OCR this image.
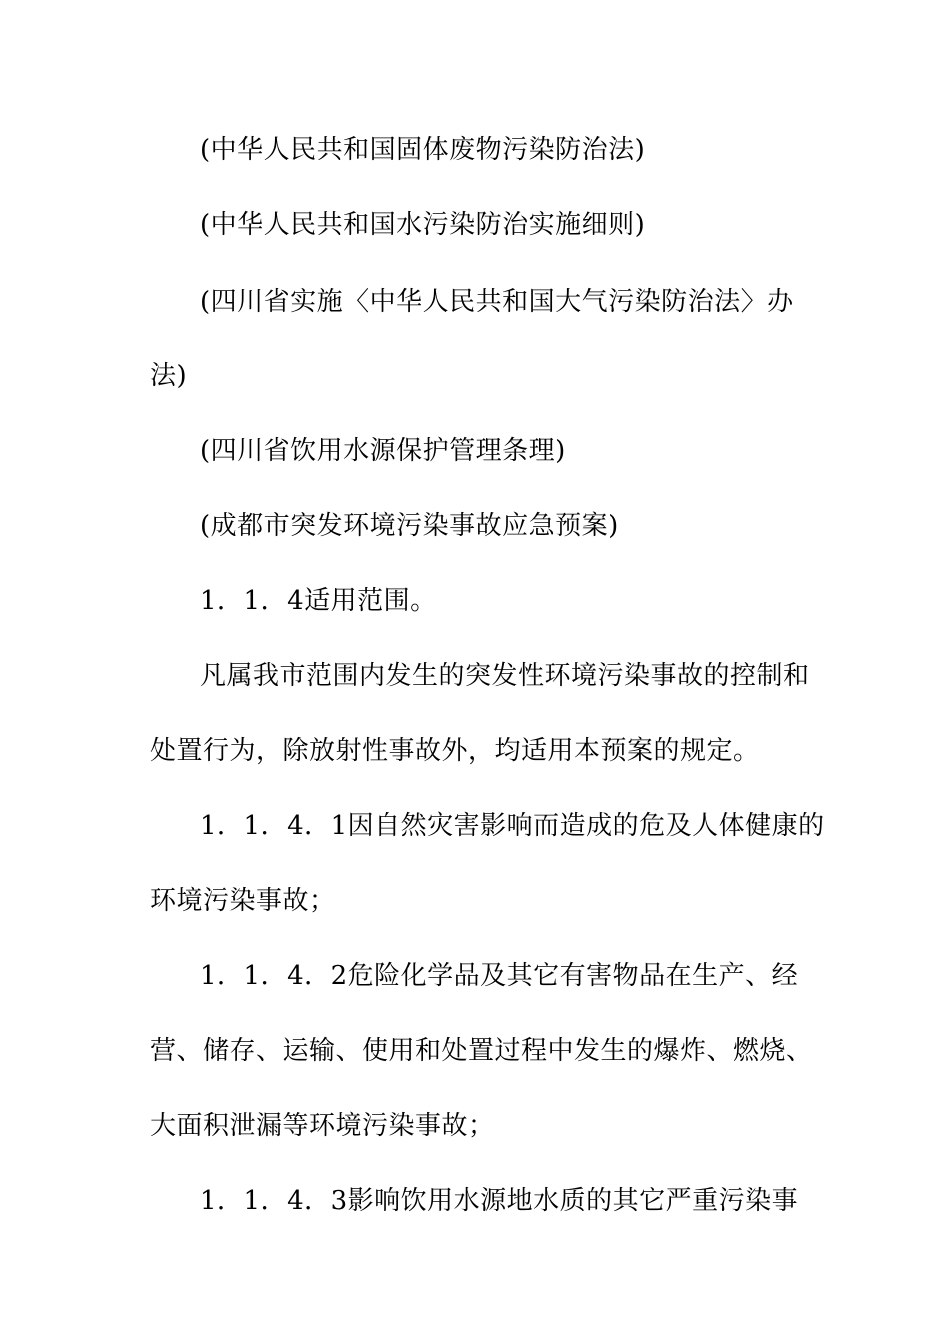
(中华人民共和国固体废物污染防治法)
(中华人民共和国水污染防治实施细则)
(四川省实施〈中华人民共和国大气污染防治法〉办
法)
(四川省饮用水源保护管理条理)
(成都市突发环境污染事故应急预案)
1．1．4适用范围。
凡属我市范围内发生的突发性环境污染事故的控制和
处置行为，除放射性事故外，均适用本预案的规定。
1．1．4．1因自然灾害影响而造成的危及人体健康的
环境污染事故；
1．1．4．2危险化学品及其它有害物品在生产、经
营、储存、运输、使用和处置过程中发生的爆炸、燃烧、
大面积泄漏等环境污染事故；
1．1．4．3影响饮用水源地水质的其它严重污染事
